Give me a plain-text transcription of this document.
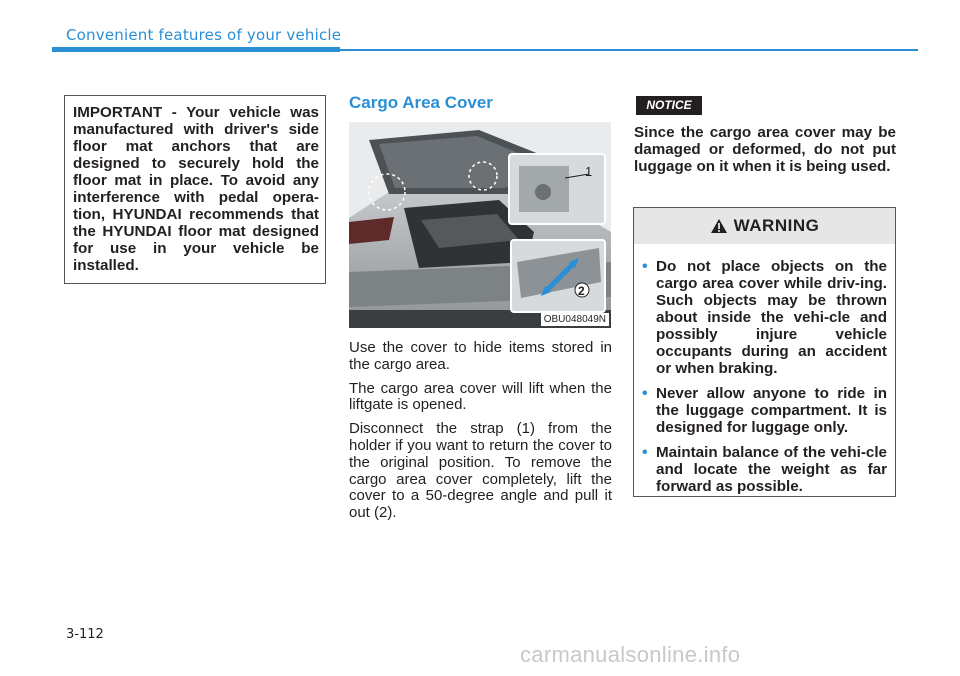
Convenient features of your vehicle
IMPORTANT - Your vehicle was manufactured with driver's side floor mat anchors that are designed to securely hold the floor mat in place. To avoid any interference with pedal opera-tion, HYUNDAI recommends that the HYUNDAI floor mat designed for use in your vehicle be installed.
Cargo Area Cover
1
2
OBU048049N

Use the cover to hide items stored in the cargo area.

The cargo area cover will lift when the liftgate is opened.

Disconnect the strap (1) from the holder if you want to return the cover to the original position. To remove the cargo area cover completely, lift the cover to a 50-degree angle and pull it out (2).

NOTICE
Since the cargo area cover may be damaged or deformed, do not put luggage on it when it is being used.
WARNING
• Do not place objects on the cargo area cover while driv-ing. Such objects may be thrown about inside the vehi-cle and possibly injure vehicle occupants during an accident or when braking.
• Never allow anyone to ride in the luggage compartment. It is designed for luggage only.
• Maintain balance of the vehi-cle and locate the weight as far forward as possible.
3-112
carmanualsonline.info
